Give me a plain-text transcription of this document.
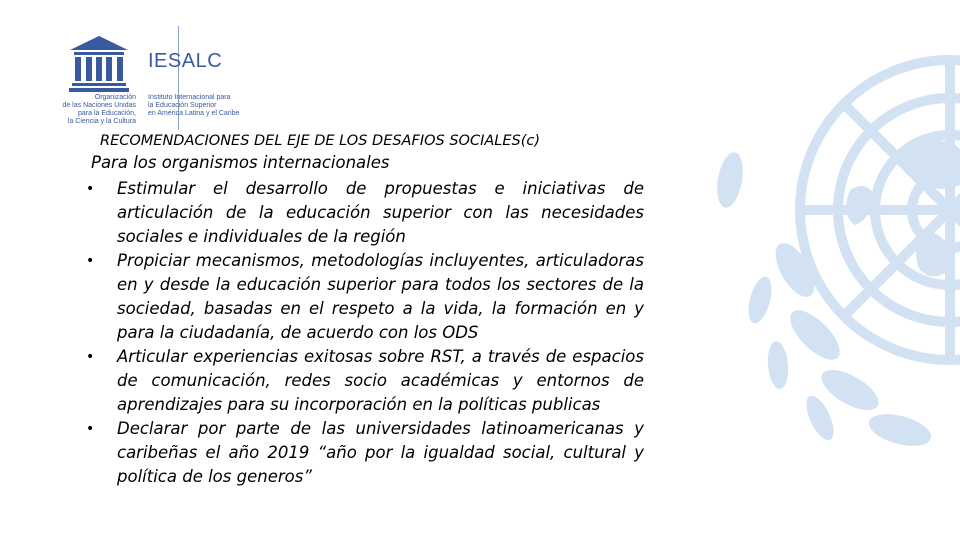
IESALC
Organización
de las Naciones Unidas
para la Educación,
la Ciencia y la Cultura
Instituto Internacional para
la Educación Superior
en América Latina y el Caribe
RECOMENDACIONES DEL EJE DE LOS DESAFIOS SOCIALES(c)
Para los organismos internacionales
• Estimular el desarrollo de propuestas e iniciativas de articulación de la educación superior con las necesidades sociales e individuales de la región
• Propiciar mecanismos, metodologías incluyentes, articuladoras en y desde la educación superior para todos los sectores de la sociedad, basadas en el respeto a la vida, la formación en y para la ciudadanía, de acuerdo con los ODS
• Articular experiencias exitosas sobre RST, a través de espacios de comunicación, redes socio académicas y entornos de aprendizajes para su incorporación en la políticas publicas
• Declarar por parte de las universidades latinoamericanas y caribeñas el año 2019 “año por la igualdad social, cultural y política de los generos”
